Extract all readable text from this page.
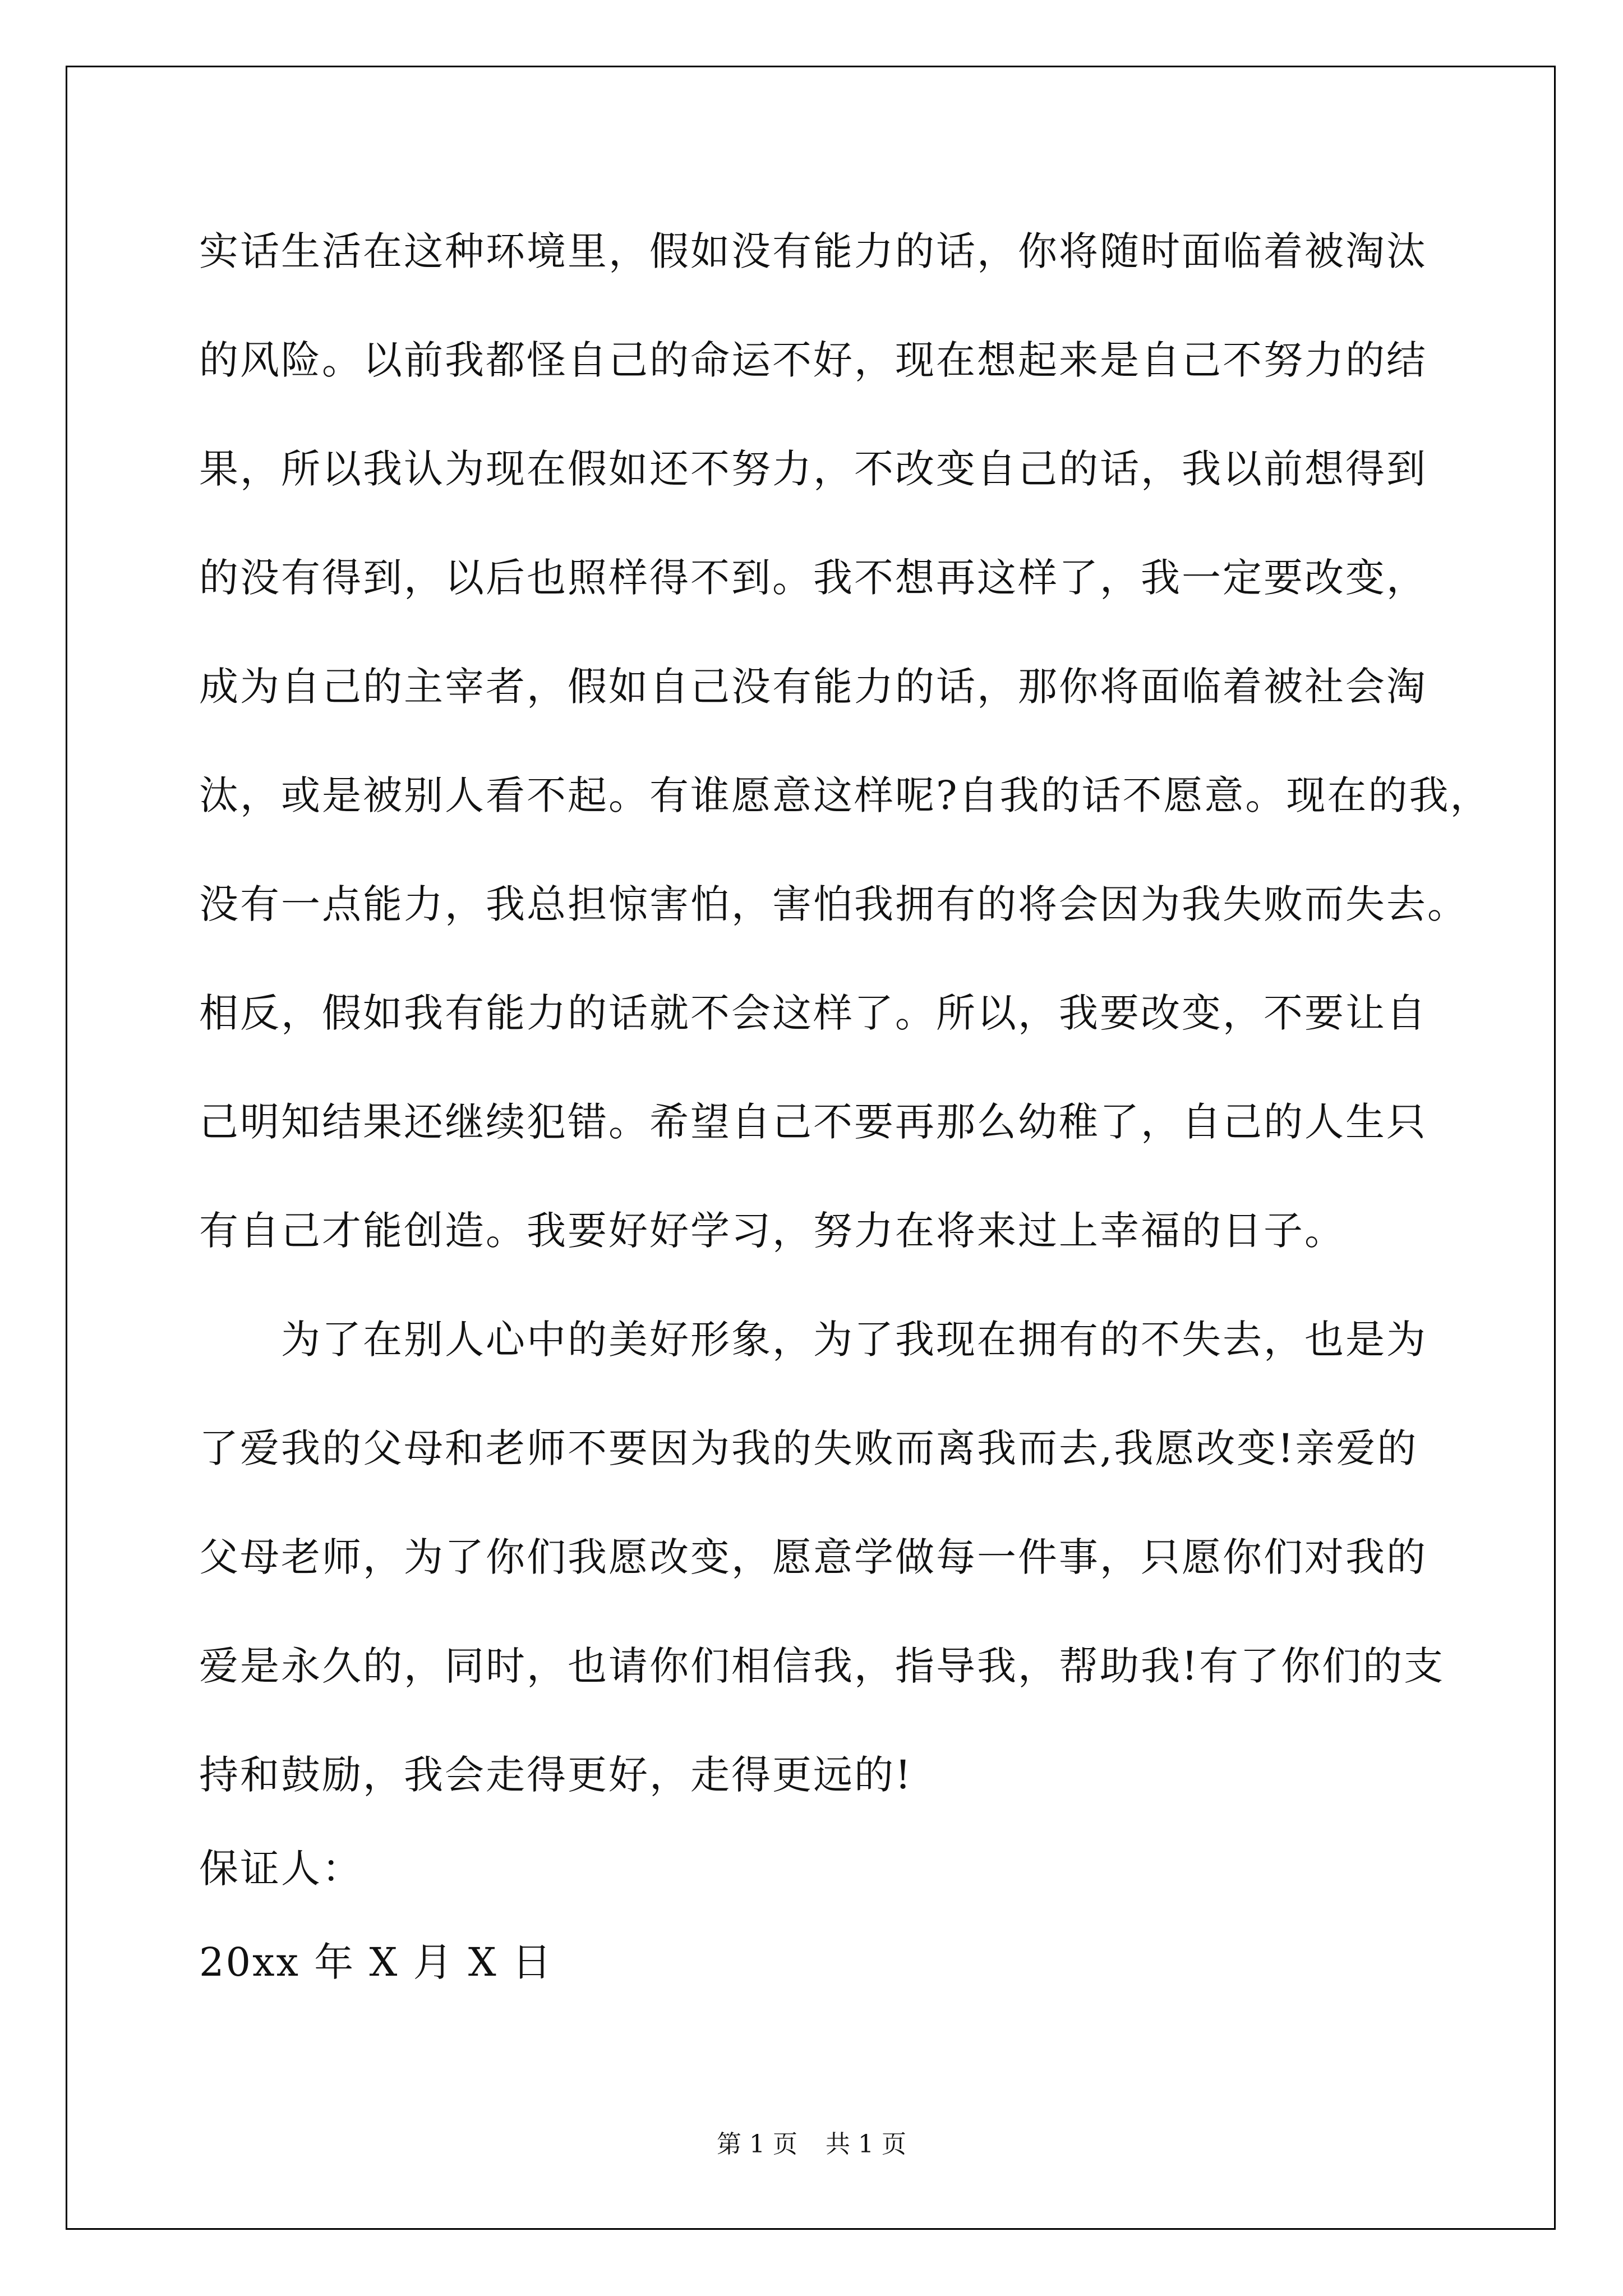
实话生活在这种环境里，假如没有能力的话，你将随时面临着被淘汰
的风险。以前我都怪自己的命运不好，现在想起来是自己不努力的结
果，所以我认为现在假如还不努力，不改变自己的话，我以前想得到
的没有得到，以后也照样得不到。我不想再这样了，我一定要改变，
成为自己的主宰者，假如自己没有能力的话，那你将面临着被社会淘
汰，或是被别人看不起。有谁愿意这样呢?自我的话不愿意。现在的我，
没有一点能力，我总担惊害怕，害怕我拥有的将会因为我失败而失去。
相反，假如我有能力的话就不会这样了。所以，我要改变，不要让自
己明知结果还继续犯错。希望自己不要再那么幼稚了，自己的人生只
有自己才能创造。我要好好学习，努力在将来过上幸福的日子。
　　为了在别人心中的美好形象，为了我现在拥有的不失去，也是为
了爱我的父母和老师不要因为我的失败而离我而去,我愿改变!亲爱的
父母老师，为了你们我愿改变，愿意学做每一件事，只愿你们对我的
爱是永久的，同时，也请你们相信我，指导我，帮助我!有了你们的支
持和鼓励，我会走得更好，走得更远的!
保证人：
20xx 年 X 月 X 日
第 1 页 共 1 页
